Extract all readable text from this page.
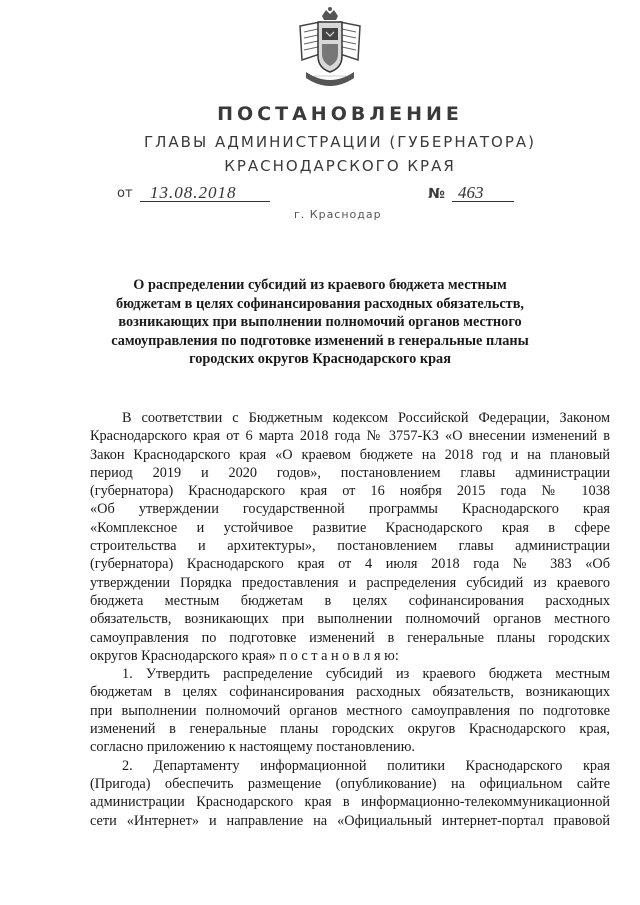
ПОСТАНОВЛЕНИЕ
ГЛАВЫ АДМИНИСТРАЦИИ (ГУБЕРНАТОРА)
КРАСНОДАРСКОГО КРАЯ
от 13.08.2018	№ 463
г. Краснодар
О распределении субсидий из краевого бюджета местным
бюджетам в целях софинансирования расходных обязательств,
возникающих при выполнении полномочий органов местного
самоуправления по подготовке изменений в генеральные планы
городских округов Краснодарского края
В соответствии с Бюджетным кодексом Российской Федерации, Законом
Краснодарского края от 6 марта 2018 года № 3757-КЗ «О внесении изменений в
Закон Краснодарского края «О краевом бюджете на 2018 год и на плановый
период 2019 и 2020 годов», постановлением главы администрации
(губернатора) Краснодарского края от 16 ноября 2015 года № 1038
«Об утверждении государственной программы Краснодарского края
«Комплексное и устойчивое развитие Краснодарского края в сфере
строительства и архитектуры», постановлением главы администрации
(губернатора) Краснодарского края от 4 июля 2018 года № 383 «Об
утверждении Порядка предоставления и распределения субсидий из краевого
бюджета местным бюджетам в целях софинансирования расходных
обязательств, возникающих при выполнении полномочий органов местного
самоуправления по подготовке изменений в генеральные планы городских
округов Краснодарского края» п о с т а н о в л я ю:
1. Утвердить распределение субсидий из краевого бюджета местным
бюджетам в целях софинансирования расходных обязательств, возникающих
при выполнении полномочий органов местного самоуправления по подготовке
изменений в генеральные планы городских округов Краснодарского края,
согласно приложению к настоящему постановлению.
2. Департаменту информационной политики Краснодарского края
(Пригода) обеспечить размещение (опубликование) на официальном сайте
администрации Краснодарского края в информационно-телекоммуникационной
сети «Интернет» и направление на «Официальный интернет-портал правовой
